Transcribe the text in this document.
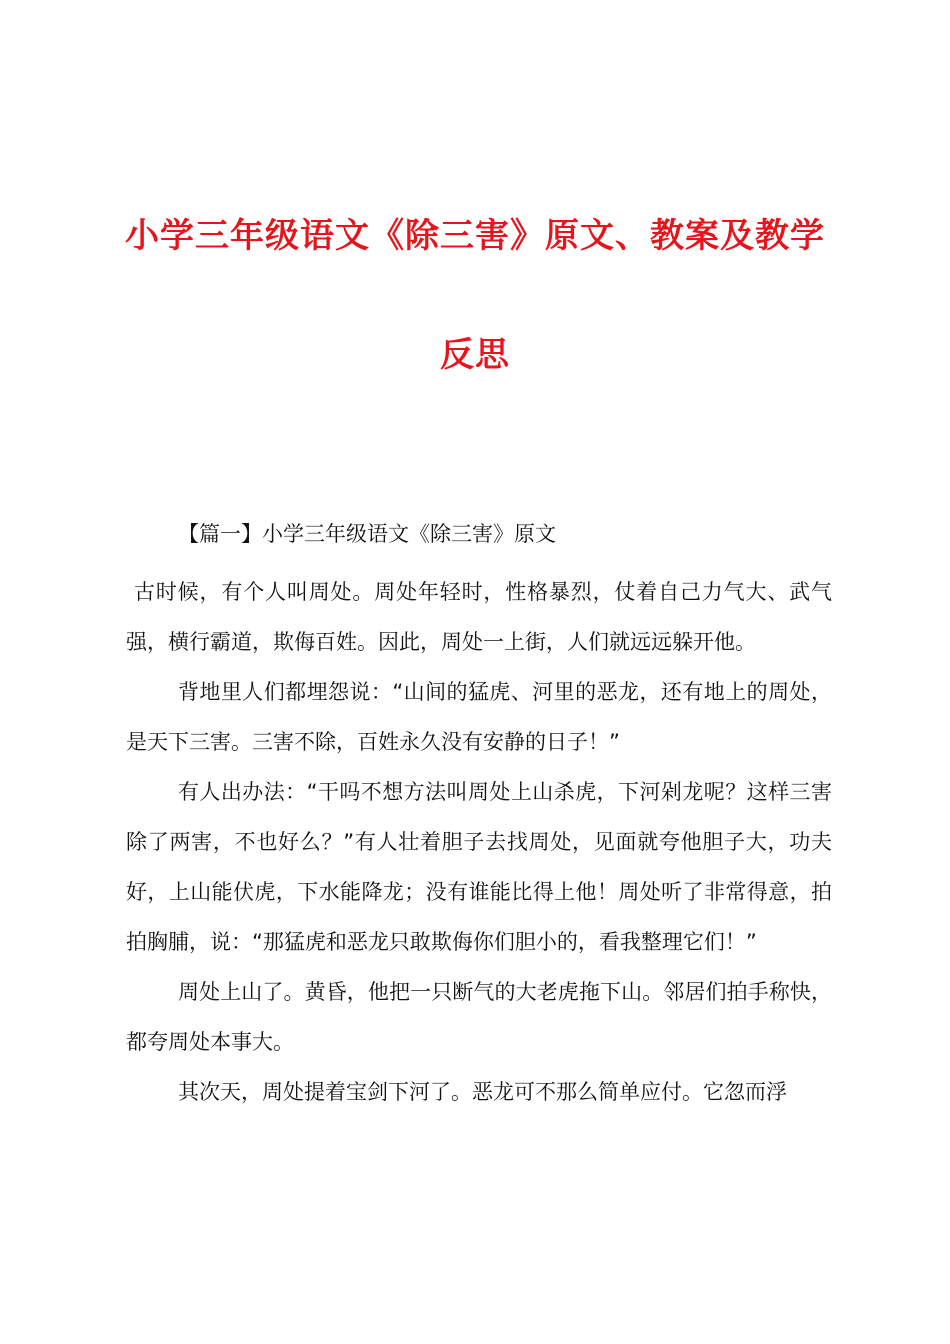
小学三年级语文《除三害》原文、教案及教学
反思
【篇一】小学三年级语文《除三害》原文

古时候，有个人叫周处。周处年轻时，性格暴烈，仗着自己力气大、武气强，横行霸道，欺侮百姓。因此，周处一上街，人们就远远躲开他。

背地里人们都埋怨说：“山间的猛虎、河里的恶龙，还有地上的周处，是天下三害。三害不除，百姓永久没有安静的日子！”

有人出办法：“干吗不想方法叫周处上山杀虎，下河剁龙呢？这样三害除了两害，不也好么？”有人壮着胆子去找周处，见面就夸他胆子大，功夫好，上山能伏虎，下水能降龙；没有谁能比得上他！周处听了非常得意，拍拍胸脯，说：“那猛虎和恶龙只敢欺侮你们胆小的，看我整理它们！”

周处上山了。黄昏，他把一只断气的大老虎拖下山。邻居们拍手称快，都夸周处本事大。

其次天，周处提着宝剑下河了。恶龙可不那么简单应付。它忽而浮
